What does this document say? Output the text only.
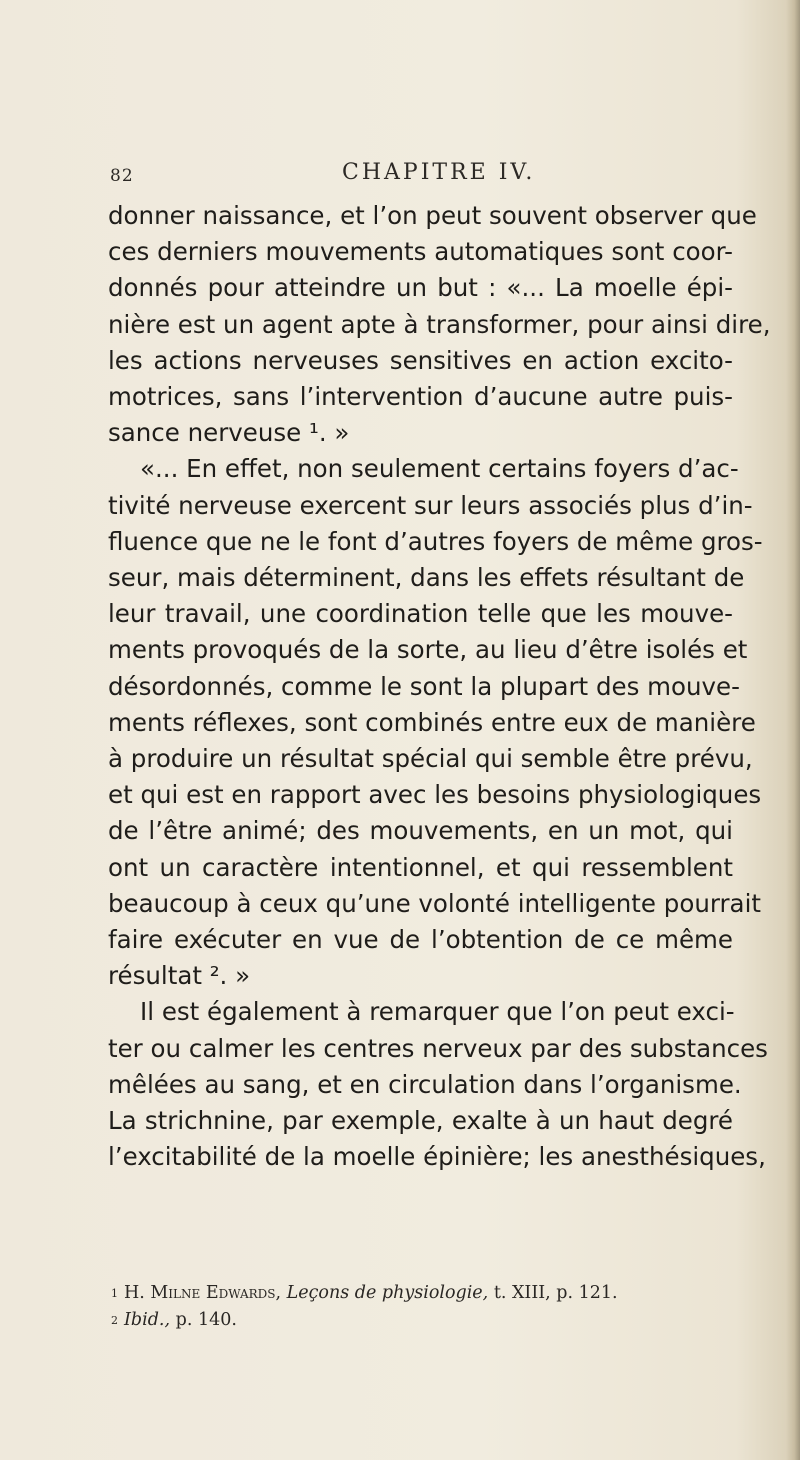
82	CHAPITRE IV.
donner naissance, et l’on peut souvent observer que
ces derniers mouvements automatiques sont coor-
donnés pour atteindre un but : «... La moelle épi-
nière est un agent apte à transformer, pour ainsi dire,
les actions nerveuses sensitives en action excito-
motrices, sans l’intervention d’aucune autre puis-
sance nerveuse ¹. »
«... En effet, non seulement certains foyers d’ac-
tivité nerveuse exercent sur leurs associés plus d’in-
fluence que ne le font d’autres foyers de même gros-
seur, mais déterminent, dans les effets résultant de
leur travail, une coordination telle que les mouve-
ments provoqués de la sorte, au lieu d’être isolés et
désordonnés, comme le sont la plupart des mouve-
ments réflexes, sont combinés entre eux de manière
à produire un résultat spécial qui semble être prévu,
et qui est en rapport avec les besoins physiologiques
de l’être animé; des mouvements, en un mot, qui
ont un caractère intentionnel, et qui ressemblent
beaucoup à ceux qu’une volonté intelligente pourrait
faire exécuter en vue de l’obtention de ce même
résultat ². »
Il est également à remarquer que l’on peut exci-
ter ou calmer les centres nerveux par des substances
mêlées au sang, et en circulation dans l’organisme.
La strichnine, par exemple, exalte à un haut degré
l’excitabilité de la moelle épinière; les anesthésiques,
1 H. Milne Edwards, Leçons de physiologie, t. XIII, p. 121.
2 Ibid., p. 140.
